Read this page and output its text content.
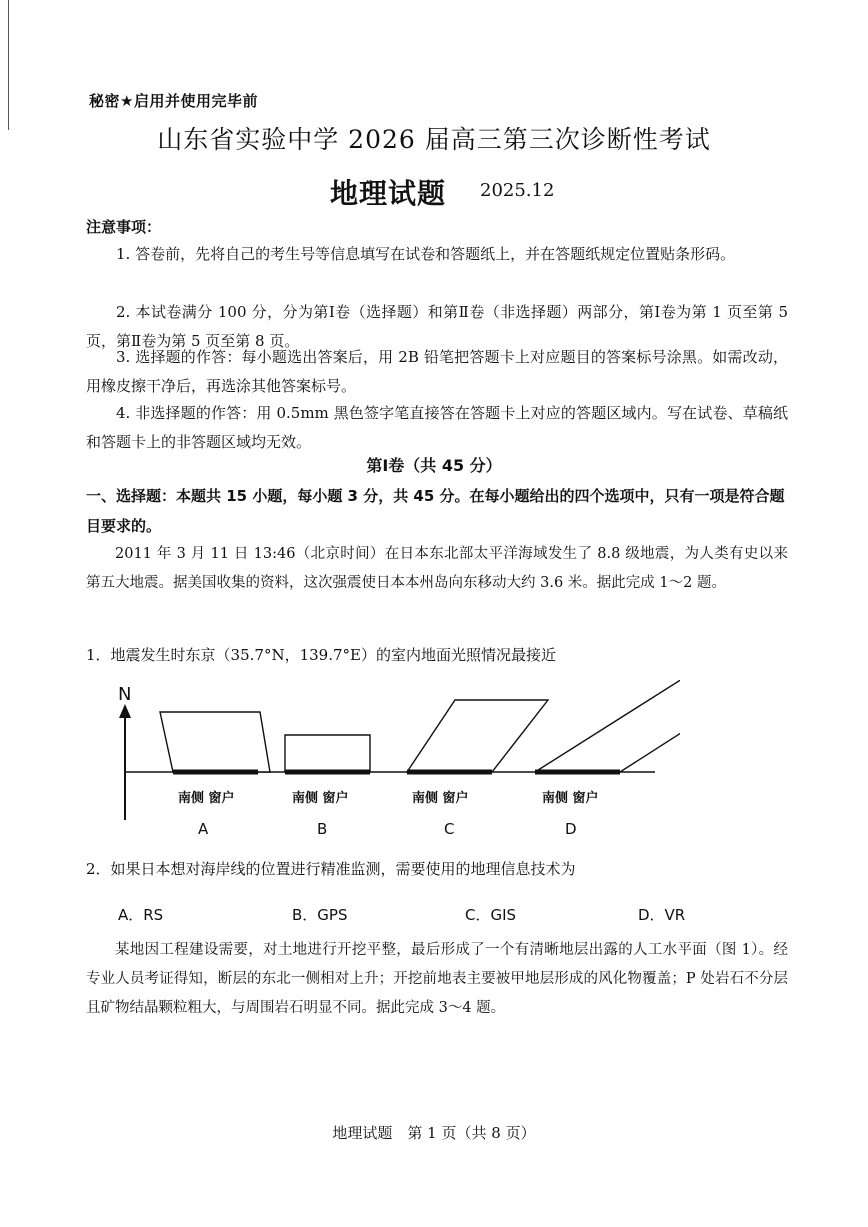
秘密★启用并使用完毕前
山东省实验中学 2026 届高三第三次诊断性考试
地理试题 2025.12
注意事项：

1. 答卷前，先将自己的考生号等信息填写在试卷和答题纸上，并在答题纸规定位置贴条形码。

2. 本试卷满分 100 分，分为第Ⅰ卷（选择题）和第Ⅱ卷（非选择题）两部分，第Ⅰ卷为第 1 页至第 5 页，第Ⅱ卷为第 5 页至第 8 页。

3. 选择题的作答：每小题选出答案后，用 2B 铅笔把答题卡上对应题目的答案标号涂黑。如需改动，用橡皮擦干净后，再选涂其他答案标号。

4. 非选择题的作答：用 0.5mm 黑色签字笔直接答在答题卡上对应的答题区域内。写在试卷、草稿纸和答题卡上的非答题区域均无效。

第Ⅰ卷（共 45 分）

一、选择题：本题共 15 小题，每小题 3 分，共 45 分。在每小题给出的四个选项中，只有一项是符合题目要求的。

2011 年 3 月 11 日 13:46（北京时间）在日本东北部太平洋海域发生了 8.8 级地震，为人类有史以来第五大地震。据美国收集的资料，这次强震使日本本州岛向东移动大约 3.6 米。据此完成 1～2 题。

1．地震发生时东京（35.7°N，139.7°E）的室内地面光照情况最接近
N
南侧 窗户	南侧 窗户	南侧 窗户	南侧 窗户
A	B	C	D
2．如果日本想对海岸线的位置进行精准监测，需要使用的地理信息技术为
A．RS	B．GPS	C．GIS	D．VR

某地因工程建设需要，对土地进行开挖平整，最后形成了一个有清晰地层出露的人工水平面（图 1）。经专业人员考证得知，断层的东北一侧相对上升；开挖前地表主要被甲地层形成的风化物覆盖；P 处岩石不分层且矿物结晶颗粒粗大，与周围岩石明显不同。据此完成 3～4 题。

地理试题　第 1 页（共 8 页）
